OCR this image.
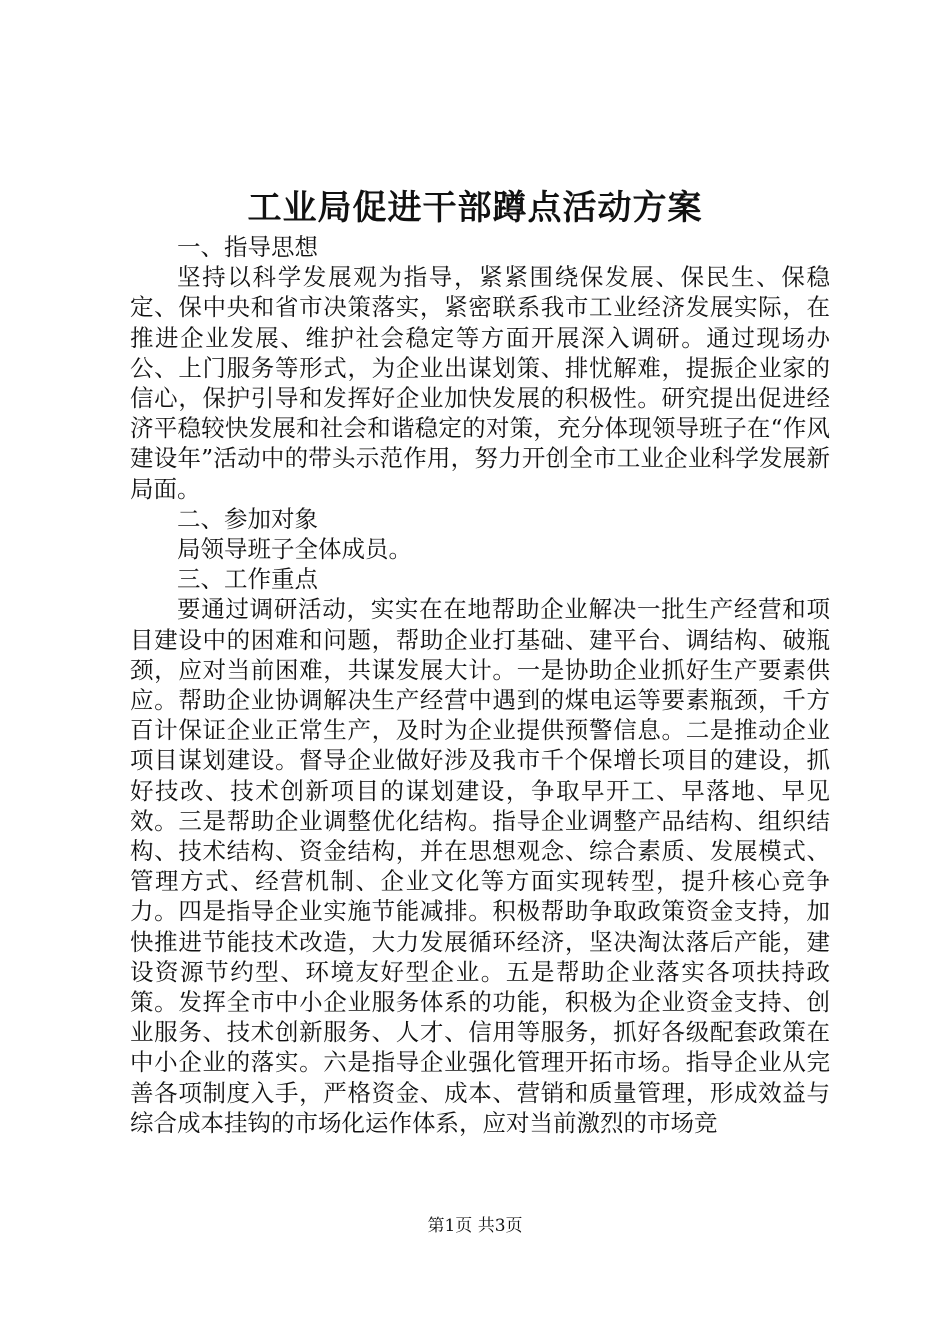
工业局促进干部蹲点活动方案

一、指导思想

坚持以科学发展观为指导，紧紧围绕保发展、保民生、保稳定、保中央和省市决策落实，紧密联系我市工业经济发展实际，在推进企业发展、维护社会稳定等方面开展深入调研。通过现场办公、上门服务等形式，为企业出谋划策、排忧解难，提振企业家的信心，保护引导和发挥好企业加快发展的积极性。研究提出促进经济平稳较快发展和社会和谐稳定的对策，充分体现领导班子在“作风建设年”活动中的带头示范作用，努力开创全市工业企业科学发展新局面。

二、参加对象

局领导班子全体成员。

三、工作重点

要通过调研活动，实实在在地帮助企业解决一批生产经营和项目建设中的困难和问题，帮助企业打基础、建平台、调结构、破瓶颈，应对当前困难，共谋发展大计。一是协助企业抓好生产要素供应。帮助企业协调解决生产经营中遇到的煤电运等要素瓶颈，千方百计保证企业正常生产，及时为企业提供预警信息。二是推动企业项目谋划建设。督导企业做好涉及我市千个保增长项目的建设，抓好技改、技术创新项目的谋划建设，争取早开工、早落地、早见效。三是帮助企业调整优化结构。指导企业调整产品结构、组织结构、技术结构、资金结构，并在思想观念、综合素质、发展模式、管理方式、经营机制、企业文化等方面实现转型，提升核心竞争力。四是指导企业实施节能减排。积极帮助争取政策资金支持，加快推进节能技术改造，大力发展循环经济，坚决淘汰落后产能，建设资源节约型、环境友好型企业。五是帮助企业落实各项扶持政策。发挥全市中小企业服务体系的功能，积极为企业资金支持、创业服务、技术创新服务、人才、信用等服务，抓好各级配套政策在中小企业的落实。六是指导企业强化管理开拓市场。指导企业从完善各项制度入手，严格资金、成本、营销和质量管理，形成效益与综合成本挂钩的市场化运作体系，应对当前激烈的市场竞

第1页 共3页
